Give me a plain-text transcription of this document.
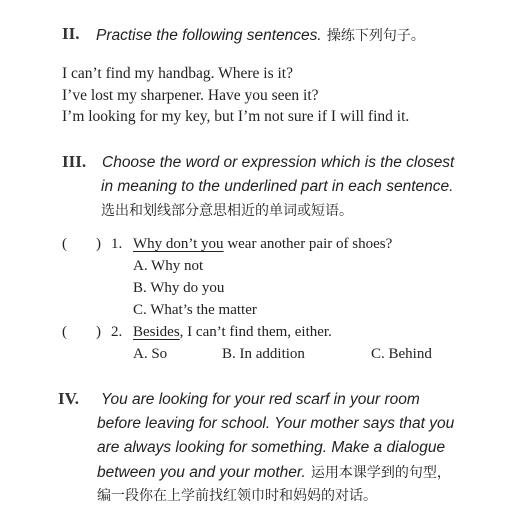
II. Practise the following sentences. 操练下列句子。
I can’t find my handbag. Where is it?
I’ve lost my sharpener. Have you seen it?
I’m looking for my key, but I’m not sure if I will find it.
III. Choose the word or expression which is the closest
in meaning to the underlined part in each sentence.
选出和划线部分意思相近的单词或短语。
( ) 1. Why don’t you wear another pair of shoes?
A. Why not
B. Why do you
C. What’s the matter
( ) 2. Besides, I can’t find them, either.
A. So	B. In addition	C. Behind
IV. You are looking for your red scarf in your room
before leaving for school. Your mother says that you
are always looking for something. Make a dialogue
between you and your mother. 运用本课学到的句型，
编一段你在上学前找红领巾时和妈妈的对话。
